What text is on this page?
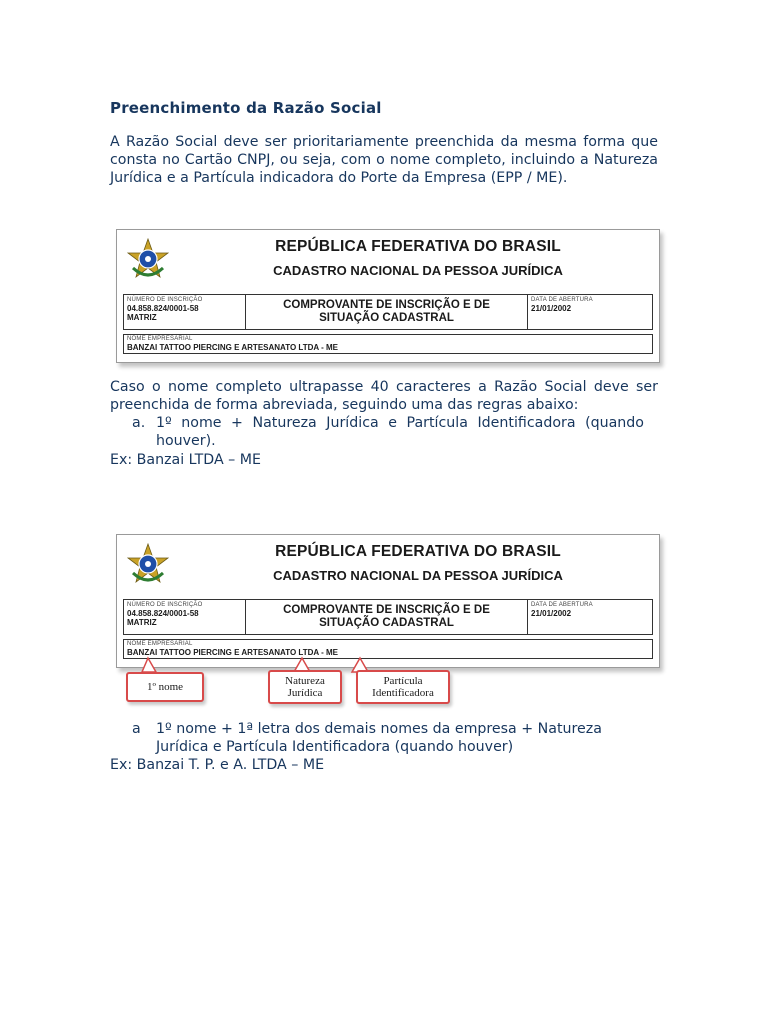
Preenchimento da Razão Social

A Razão Social deve ser prioritariamente preenchida da mesma forma que consta no Cartão CNPJ, ou seja, com o nome completo, incluindo a Natureza Jurídica e a Partícula indicadora do Porte da Empresa (EPP / ME).

REPÚBLICA FEDERATIVA DO BRASIL
CADASTRO NACIONAL DA PESSOA JURÍDICA
NÚMERO DE INSCRIÇÃO
04.858.824/0001-58
MATRIZ
COMPROVANTE DE INSCRIÇÃO E DE SITUAÇÃO CADASTRAL
DATA DE ABERTURA
21/01/2002
NOME EMPRESARIAL
BANZAI TATTOO PIERCING E ARTESANATO LTDA - ME

Caso o nome completo ultrapasse 40 caracteres a Razão Social deve ser preenchida de forma abreviada, seguindo uma das regras abaixo:

a. 1º nome + Natureza Jurídica e Partícula Identificadora (quando houver).

Ex: Banzai LTDA – ME

REPÚBLICA FEDERATIVA DO BRASIL
CADASTRO NACIONAL DA PESSOA JURÍDICA
NÚMERO DE INSCRIÇÃO
04.858.824/0001-58
MATRIZ
COMPROVANTE DE INSCRIÇÃO E DE SITUAÇÃO CADASTRAL
DATA DE ABERTURA
21/01/2002
NOME EMPRESARIAL
BANZAI TATTOO PIERCING E ARTESANATO LTDA - ME
1º nome	Natureza Jurídica
Partícula Identificadora
a 1º nome + 1ª letra dos demais nomes da empresa + Natureza Jurídica e Partícula Identificadora (quando houver)

Ex: Banzai T. P. e A. LTDA – ME
